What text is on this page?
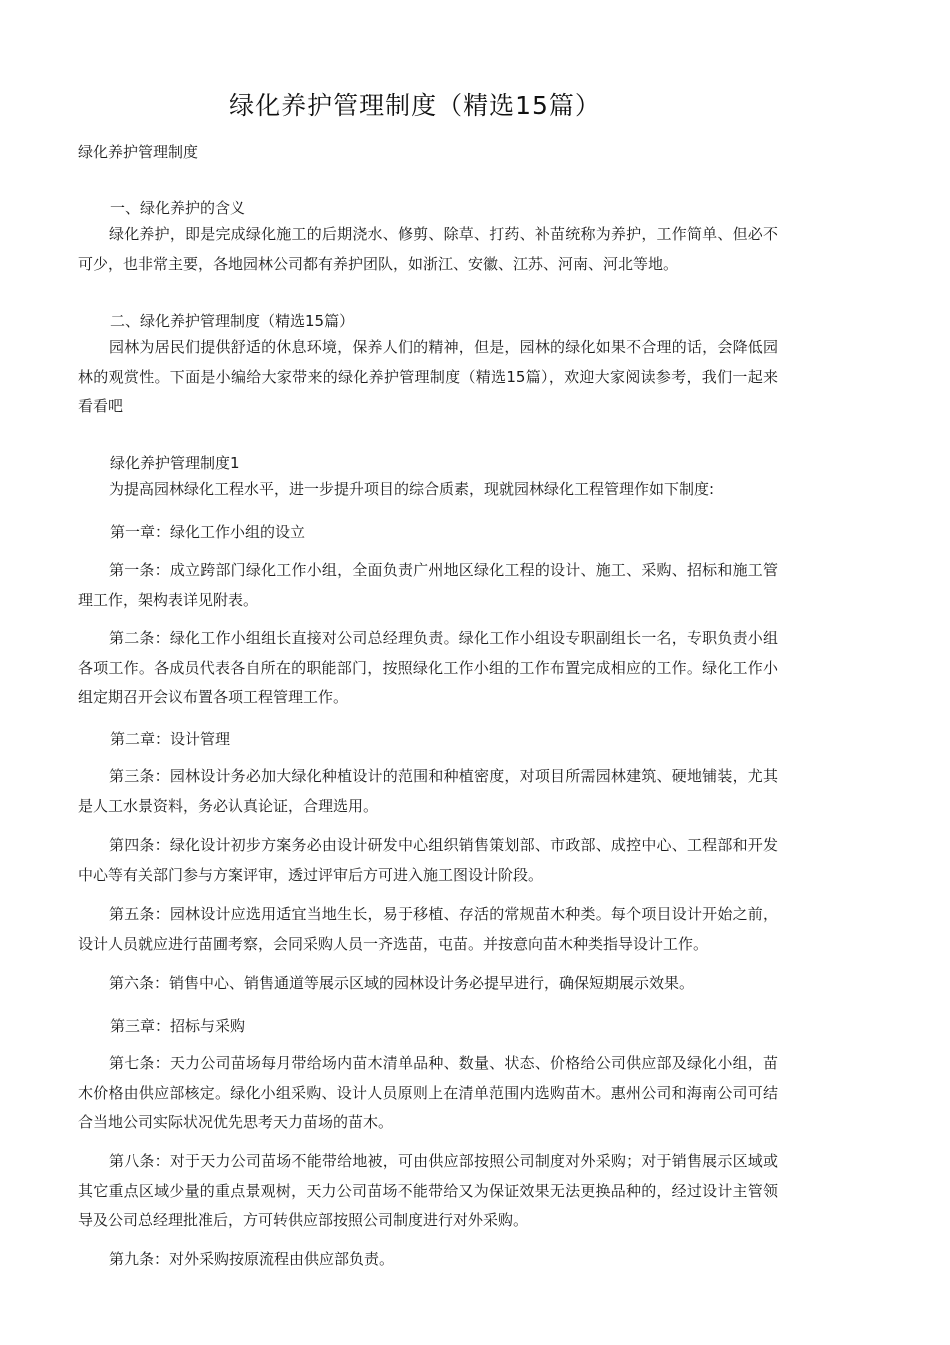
绿化养护管理制度（精选15篇）
绿化养护管理制度
一、绿化养护的含义
绿化养护，即是完成绿化施工的后期浇水、修剪、除草、打药、补苗统称为养护，工作简单、但必不可少，也非常主要，各地园林公司都有养护团队，如浙江、安徽、江苏、河南、河北等地。
二、绿化养护管理制度（精选15篇）
园林为居民们提供舒适的休息环境，保养人们的精神，但是，园林的绿化如果不合理的话，会降低园林的观赏性。下面是小编给大家带来的绿化养护管理制度（精选15篇），欢迎大家阅读参考，我们一起来看看吧
绿化养护管理制度1
为提高园林绿化工程水平，进一步提升项目的综合质素，现就园林绿化工程管理作如下制度:
第一章：绿化工作小组的设立
第一条：成立跨部门绿化工作小组，全面负责广州地区绿化工程的设计、施工、采购、招标和施工管理工作，架构表详见附表。
第二条：绿化工作小组组长直接对公司总经理负责。绿化工作小组设专职副组长一名，专职负责小组各项工作。各成员代表各自所在的职能部门，按照绿化工作小组的工作布置完成相应的工作。绿化工作小组定期召开会议布置各项工程管理工作。
第二章：设计管理
第三条：园林设计务必加大绿化种植设计的范围和种植密度，对项目所需园林建筑、硬地铺装，尤其是人工水景资料，务必认真论证，合理选用。
第四条：绿化设计初步方案务必由设计研发中心组织销售策划部、市政部、成控中心、工程部和开发中心等有关部门参与方案评审，透过评审后方可进入施工图设计阶段。
第五条：园林设计应选用适宜当地生长，易于移植、存活的常规苗木种类。每个项目设计开始之前，设计人员就应进行苗圃考察，会同采购人员一齐选苗，屯苗。并按意向苗木种类指导设计工作。
第六条：销售中心、销售通道等展示区域的园林设计务必提早进行，确保短期展示效果。
第三章：招标与采购
第七条：天力公司苗场每月带给场内苗木清单品种、数量、状态、价格给公司供应部及绿化小组，苗木价格由供应部核定。绿化小组采购、设计人员原则上在清单范围内选购苗木。惠州公司和海南公司可结合当地公司实际状况优先思考天力苗场的苗木。
第八条：对于天力公司苗场不能带给地被，可由供应部按照公司制度对外采购；对于销售展示区域或其它重点区域少量的重点景观树，天力公司苗场不能带给又为保证效果无法更换品种的，经过设计主管领导及公司总经理批准后，方可转供应部按照公司制度进行对外采购。
第九条：对外采购按原流程由供应部负责。
